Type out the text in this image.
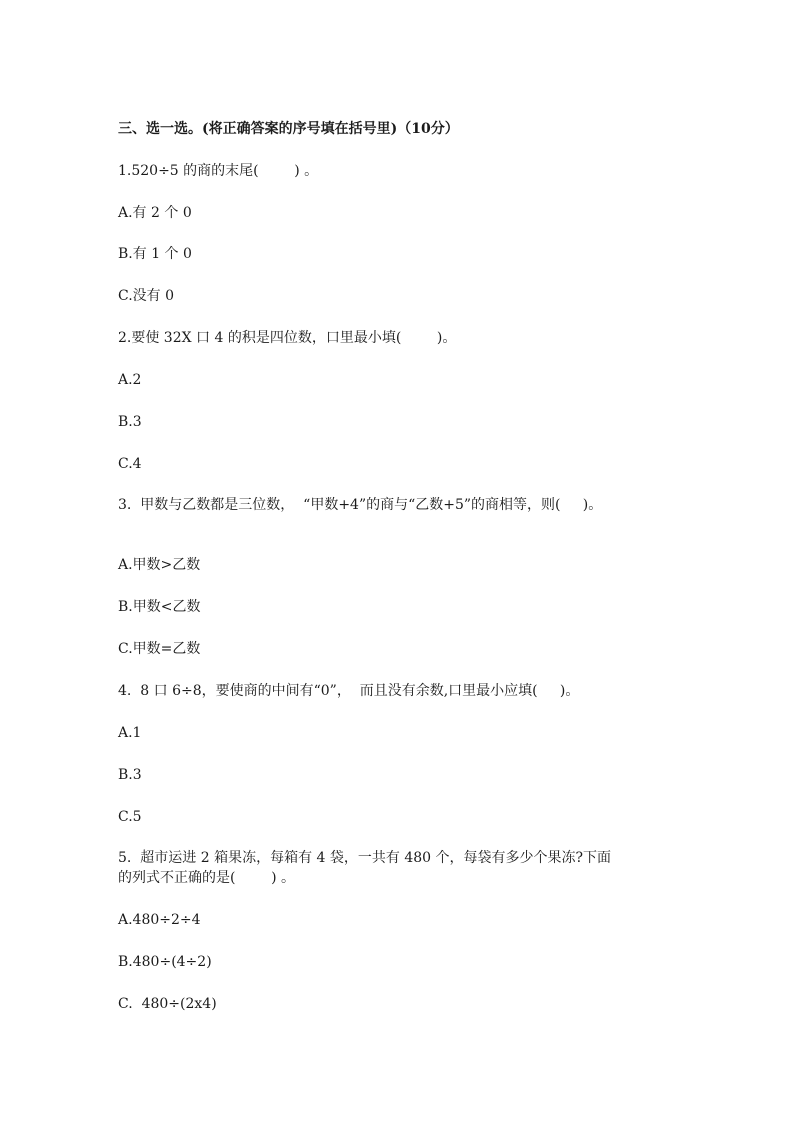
三、选一选。(将正确答案的序号填在括号里)（10分）
1.520÷5 的商的末尾(        ) 。
A.有 2 个 0
B.有 1 个 0
C.没有 0
2.要使 32X 口 4 的积是四位数，口里最小填(        )。
A.2
B.3
C.4
3.  甲数与乙数都是三位数，  “甲数+4”的商与“乙数+5”的商相等，则(     )。
A.甲数>乙数
B.甲数<乙数
C.甲数=乙数
4.  8 口 6÷8，要使商的中间有“0”，  而且没有余数,口里最小应填(     )。
A.1
B.3
C.5
5.  超市运进 2 箱果冻，每箱有 4 袋，一共有 480 个，每袋有多少个果冻?下面
的列式不正确的是(        ) 。
A.480÷2÷4
B.480÷(4÷2)
C.  480÷(2x4)
